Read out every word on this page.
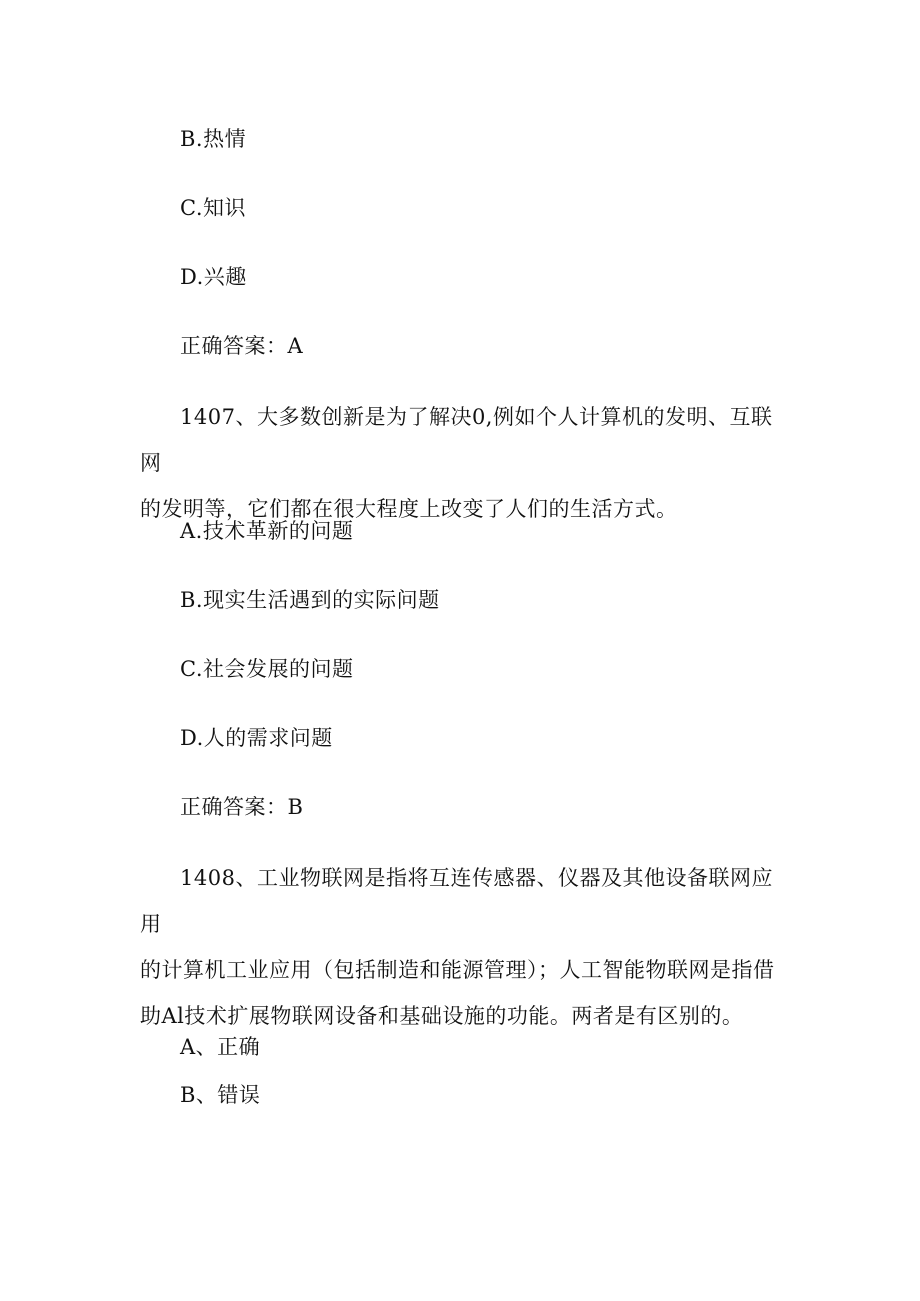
B.热情
C.知识
D.兴趣
正确答案：A
1407、大多数创新是为了解决0,例如个人计算机的发明、互联网
的发明等，它们都在很大程度上改变了人们的生活方式。
A.技术革新的问题
B.现实生活遇到的实际问题
C.社会发展的问题
D.人的需求问题
正确答案：B
1408、工业物联网是指将互连传感器、仪器及其他设备联网应用
的计算机工业应用（包括制造和能源管理）；人工智能物联网是指借
助Al技术扩展物联网设备和基础设施的功能。两者是有区别的。
A、正确
B、错误
